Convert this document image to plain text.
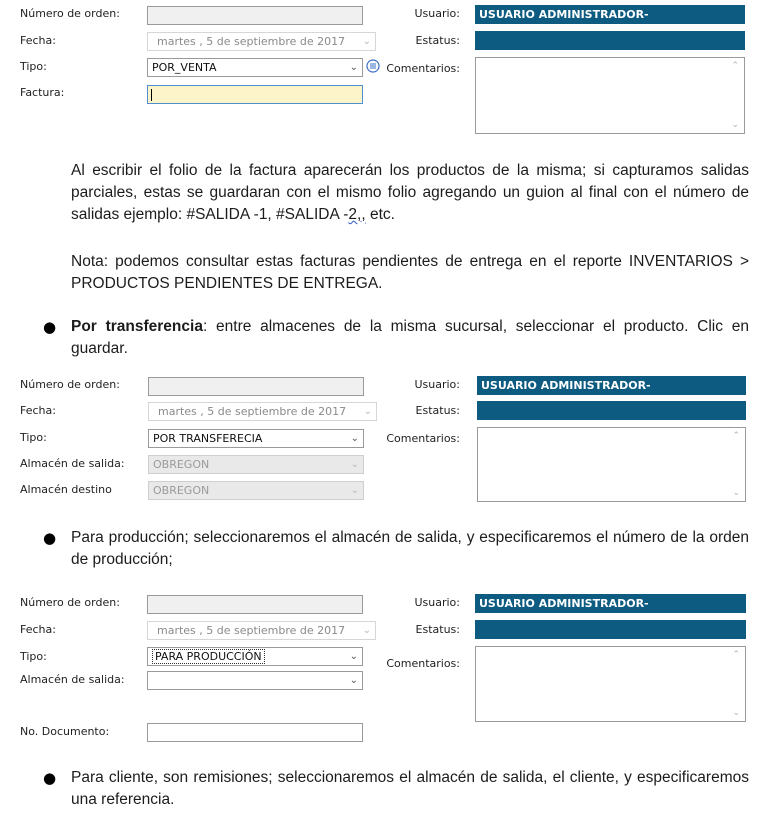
Número de orden:
Fecha:	martes , 5 de septiembre de 2017 ⌄
Tipo:	POR_VENTA	⌄
Factura:
Usuario:	USUARIO ADMINISTRADOR-
Estatus:
Comentarios:	⌃
⌄
Al escribir el folio de la factura aparecerán los productos de la misma; si capturamos salidas parciales, estas se guardaran con el mismo folio agregando un guion al final con el número de salidas ejemplo: #SALIDA -1, #SALIDA -2,, etc.
Nota: podemos consultar estas facturas pendientes de entrega en el reporte INVENTARIOS > PRODUCTOS PENDIENTES DE ENTREGA.
● Por transferencia: entre almacenes de la misma sucursal, seleccionar el producto. Clic en guardar.
Número de orden:
Fecha:	martes , 5 de septiembre de 2017 ⌄
Tipo:	POR TRANSFERECIA	⌄
Almacén de salida:	OBREGON	⌄
Almacén destino	OBREGON	⌄
Usuario:	USUARIO ADMINISTRADOR-
Estatus:
Comentarios:	⌃
⌄
● Para producción; seleccionaremos el almacén de salida, y especificaremos el número de la orden de producción;
Número de orden:
Fecha:	martes , 5 de septiembre de 2017 ⌄
Tipo:	PARA PRODUCCIÓN	⌄
Almacén de salida:	⌄
No. Documento:
Usuario:	USUARIO ADMINISTRADOR-
Estatus:
Comentarios:
⌃
⌄
● Para cliente, son remisiones; seleccionaremos el almacén de salida, el cliente, y especificaremos una referencia.
